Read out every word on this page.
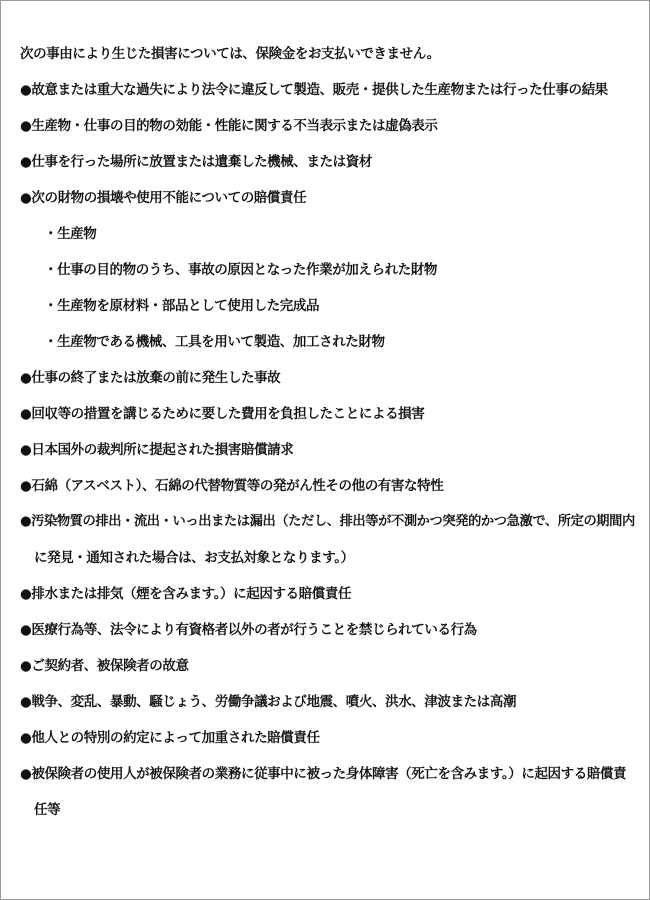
次の事由により生じた損害については、保険金をお支払いできません。
●故意または重大な過失により法令に違反して製造、販売・提供した生産物または行った仕事の結果
●生産物・仕事の目的物の効能・性能に関する不当表示または虚偽表示
●仕事を行った場所に放置または遺棄した機械、または資材
●次の財物の損壊や使用不能についての賠償責任
・生産物
・仕事の目的物のうち、事故の原因となった作業が加えられた財物
・生産物を原材料・部品として使用した完成品
・生産物である機械、工具を用いて製造、加工された財物
●仕事の終了または放棄の前に発生した事故
●回収等の措置を講じるために要した費用を負担したことによる損害
●日本国外の裁判所に提起された損害賠償請求
●石綿（アスベスト）、石綿の代替物質等の発がん性その他の有害な特性
●汚染物質の排出・流出・いっ出または漏出（ただし、排出等が不測かつ突発的かつ急激で、所定の期間内
に発見・通知された場合は、お支払対象となります。）
●排水または排気（煙を含みます。）に起因する賠償責任
●医療行為等、法令により有資格者以外の者が行うことを禁じられている行為
●ご契約者、被保険者の故意
●戦争、変乱、暴動、騒じょう、労働争議および地震、噴火、洪水、津波または高潮
●他人との特別の約定によって加重された賠償責任
●被保険者の使用人が被保険者の業務に従事中に被った身体障害（死亡を含みます。）に起因する賠償責
任等
